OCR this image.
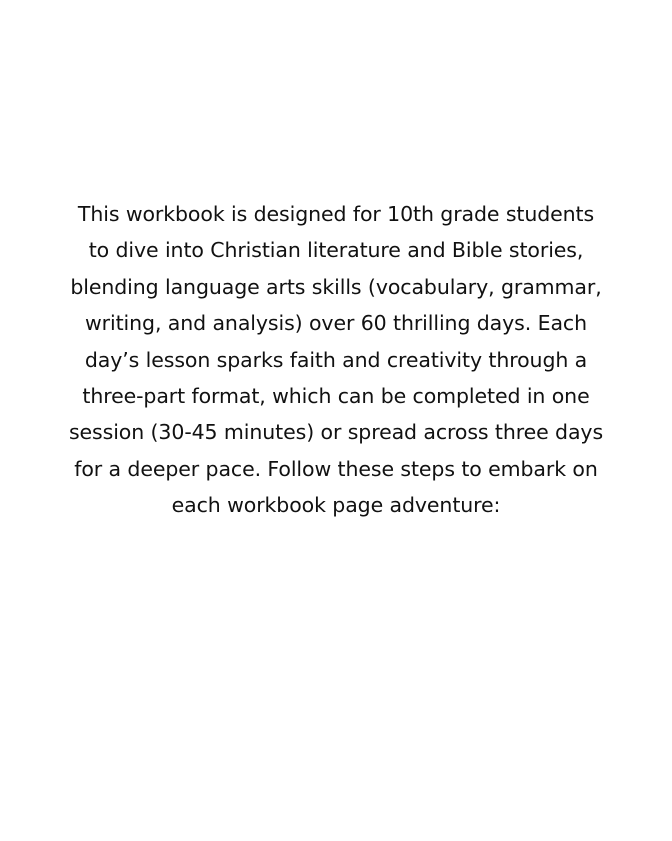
This workbook is designed for 10th grade students
to dive into Christian literature and Bible stories,
blending language arts skills (vocabulary, grammar,
writing, and analysis) over 60 thrilling days. Each
day’s lesson sparks faith and creativity through a
three-part format, which can be completed in one
session (30-45 minutes) or spread across three days
for a deeper pace. Follow these steps to embark on
each workbook page adventure:
